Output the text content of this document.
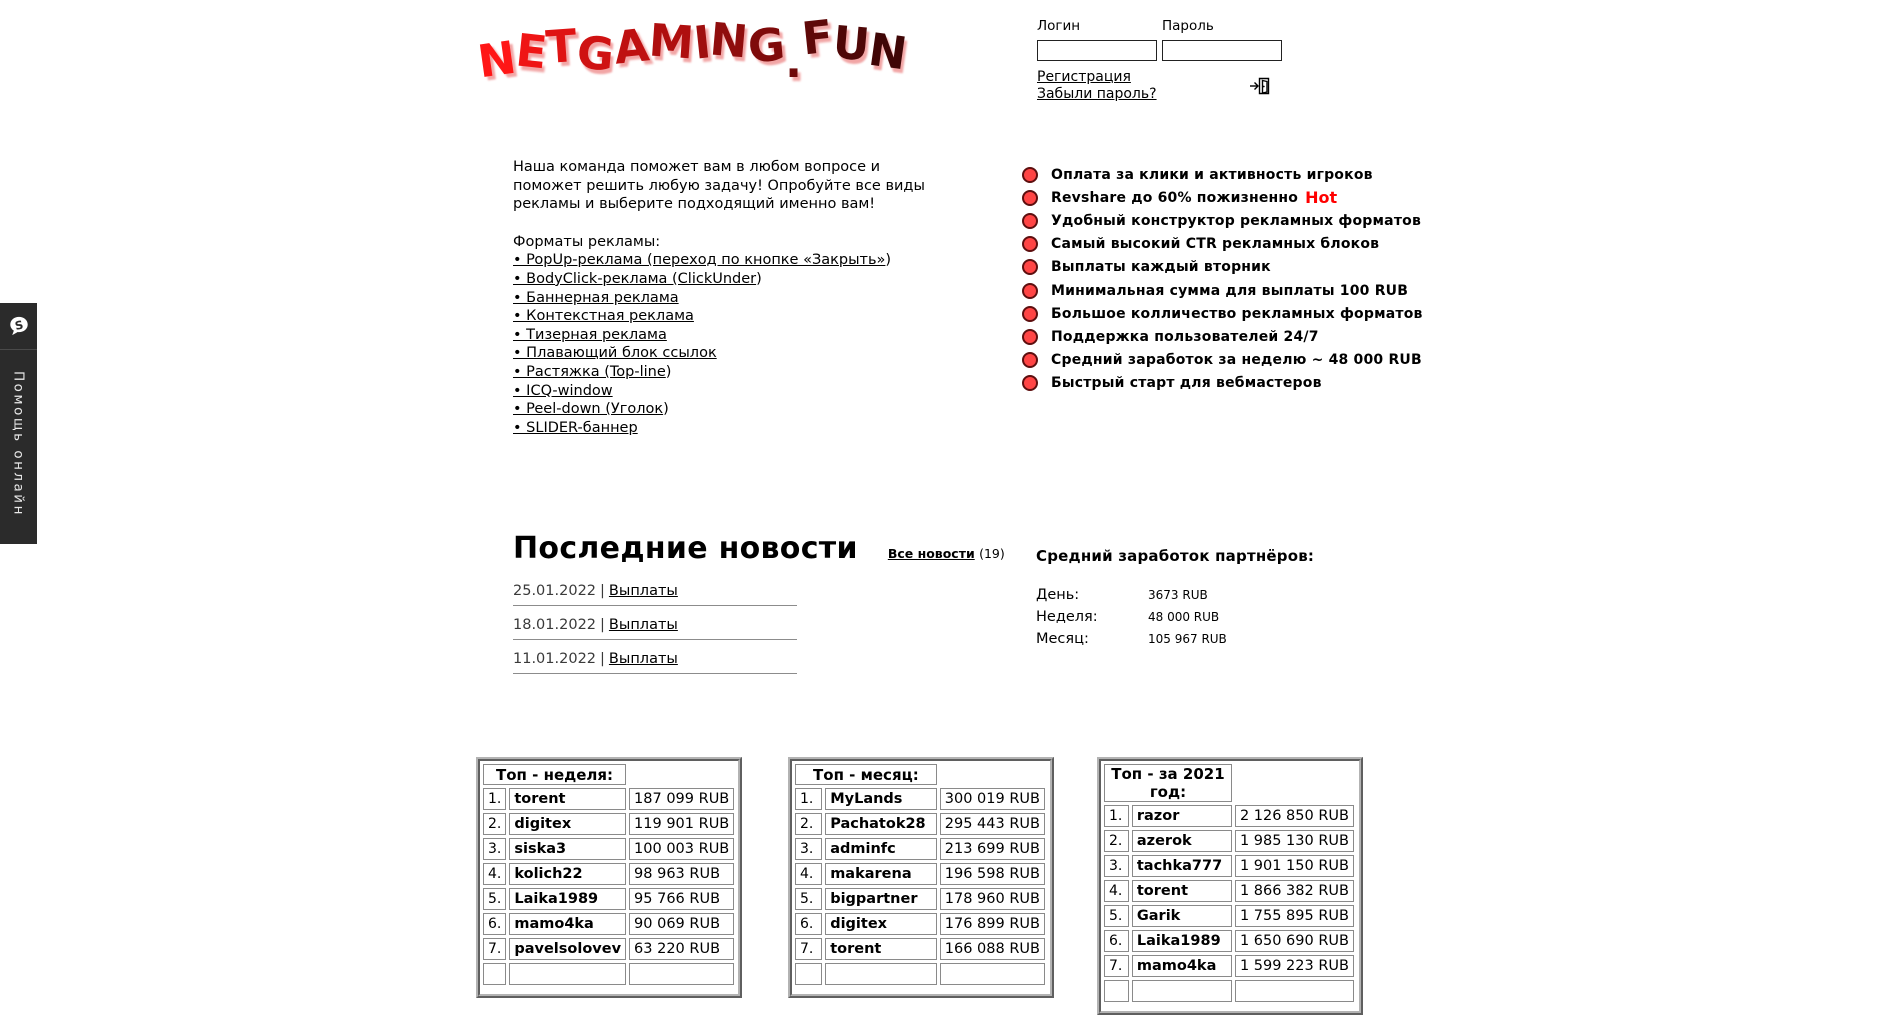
S
Помощь онлайн
N
E
T
G
A
M
I
N
G
.
F
U
N	Логин	Пароль
Регистрация
Забыли пароль?

Наша команда поможет вам в любом вопросе и поможет решить любую задачу! Опробуйте все виды рекламы и выберите подходящий именно вам!

Форматы рекламы:
• PopUp-реклама (переход по кнопке «Закрыть»)
• BodyClick-реклама (ClickUnder)
• Баннерная реклама
• Контекстная реклама
• Тизерная реклама
• Плавающий блок ссылок
• Растяжка (Top-line)
• ICQ-window
• Peel-down (Уголок)
• SLIDER-баннер
Оплата за клики и активность игроков
Revshare до 60% пожизненно Hot
Удобный конструктор рекламных форматов
Самый высокий CTR рекламных блоков
Выплаты каждый вторник
Минимальная сумма для выплаты 100 RUB
Большое колличество рекламных форматов
Поддержка пользователей 24/7
Средний заработок за неделю ~ 48 000 RUB
Быстрый старт для вебмастеров
Последние новости Все новости (19)
25.01.2022 | Выплаты
18.01.2022 | Выплаты
11.01.2022 | Выплаты
Средний заработок партнёров:
День:	3673 RUB
Неделя:	48 000 RUB
Месяц:	105 967 RUB
Топ - неделя:		
1.	torent	187 099 RUB
2.	digitex	119 901 RUB
3.	siska3	100 003 RUB
4.	kolich22	98 963 RUB
5.	Laika1989	95 766 RUB
6.	mamo4ka	90 069 RUB
7.	pavelsolovev	63 220 RUB

Топ - месяц:		
1.	MyLands	300 019 RUB
2.	Pachatok28	295 443 RUB
3.	adminfc	213 699 RUB
4.	makarena	196 598 RUB
5.	bigpartner	178 960 RUB
6.	digitex	176 899 RUB
7.	torent	166 088 RUB

Топ - за 2021 год:		
1.	razor	2 126 850 RUB
2.	azerok	1 985 130 RUB
3.	tachka777	1 901 150 RUB
4.	torent	1 866 382 RUB
5.	Garik	1 755 895 RUB
6.	Laika1989	1 650 690 RUB
7.	mamo4ka	1 599 223 RUB
